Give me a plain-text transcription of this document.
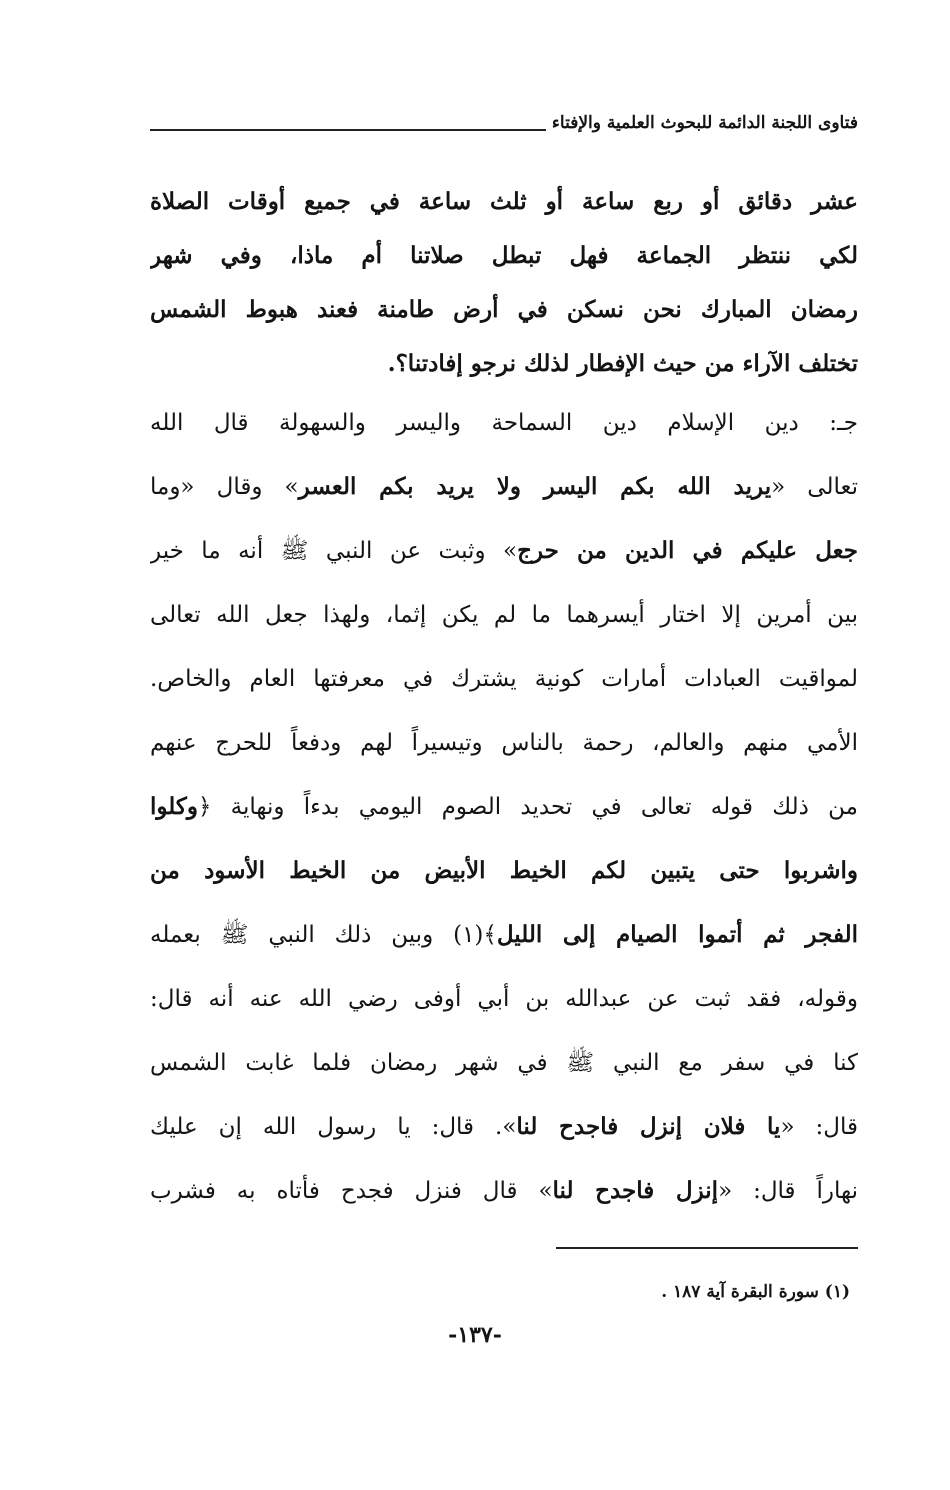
فتاوى اللجنة الدائمة للبحوث العلمية والإفتاء
عشر دقائق أو ربع ساعة أو ثلث ساعة في جميع أوقات الصلاة
لكي ننتظر الجماعة فهل تبطل صلاتنا أم ماذا، وفي شهر
رمضان المبارك نحن نسكن في أرض طامنة فعند هبوط الشمس
تختلف الآراء من حيث الإفطار لذلك نرجو إفادتنا؟.
جـ: دين الإسلام دين السماحة واليسر والسهولة قال الله
تعالى «يريد الله بكم اليسر ولا يريد بكم العسر» وقال «وما
جعل عليكم في الدين من حرج» وثبت عن النبي ﷺ أنه ما خير
بين أمرين إلا اختار أيسرهما ما لم يكن إثما، ولهذا جعل الله تعالى
لمواقيت العبادات أمارات كونية يشترك في معرفتها العام والخاص.
الأمي منهم والعالم، رحمة بالناس وتيسيراً لهم ودفعاً للحرج عنهم
من ذلك قوله تعالى في تحديد الصوم اليومي بدءاً ونهاية ﴿وكلوا
واشربوا حتى يتبين لكم الخيط الأبيض من الخيط الأسود من
الفجر ثم أتموا الصيام إلى الليل﴾(١) وبين ذلك النبي ﷺ بعمله
وقوله، فقد ثبت عن عبدالله بن أبي أوفى رضي الله عنه أنه قال:
كنا في سفر مع النبي ﷺ في شهر رمضان فلما غابت الشمس
قال: «يا فلان إنزل فاجدح لنا». قال: يا رسول الله إن عليك
نهاراً قال: «إنزل فاجدح لنا» قال فنزل فجدح فأتاه به فشرب
(١) سورة البقرة آية ١٨٧ .
-١٣٧-
